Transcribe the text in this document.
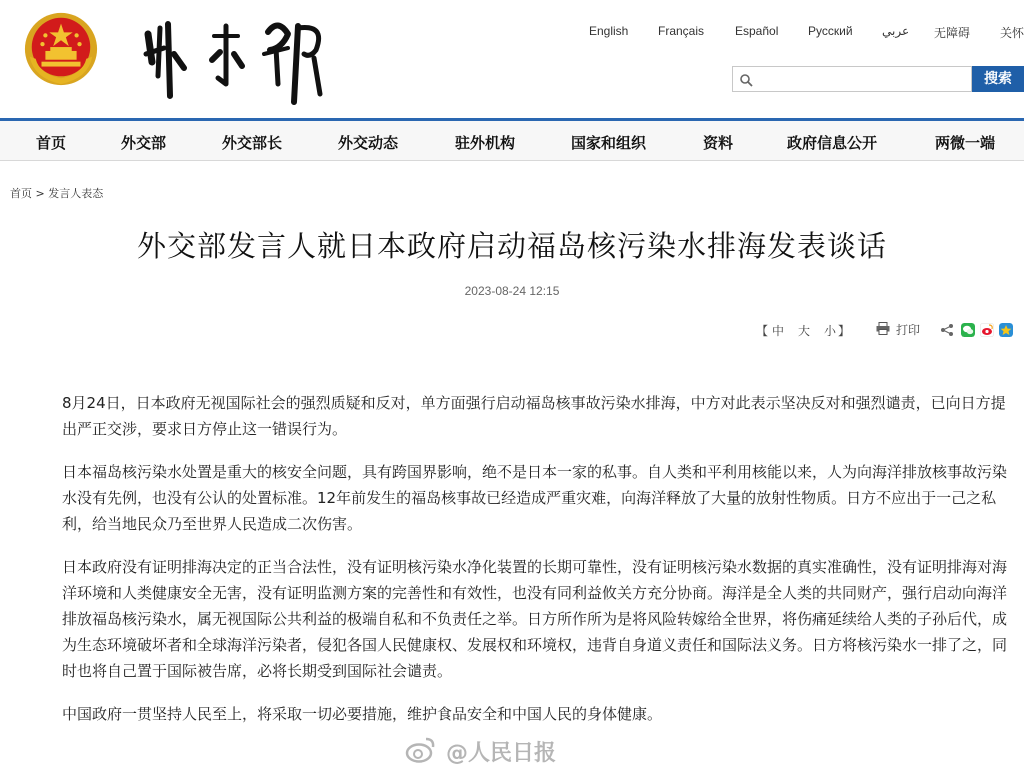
外交部
English Français	Español Русский عربي 无障碍 关怀
搜索
首页	外交部	外交部长	外交动态	驻外机构	国家和组织	资料	政府信息公开	两微一端
首页 > 发言人表态
外交部发言人就日本政府启动福岛核污染水排海发表谈话
2023-08-24 12:15
【 中 大 小 】	打印

8月24日，日本政府无视国际社会的强烈质疑和反对，单方面强行启动福岛核事故污染水排海，中方对此表示坚决反对和强烈谴责，已向日方提出严正交涉，要求日方停止这一错误行为。

日本福岛核污染水处置是重大的核安全问题，具有跨国界影响，绝不是日本一家的私事。自人类和平利用核能以来，人为向海洋排放核事故污染水没有先例，也没有公认的处置标准。12年前发生的福岛核事故已经造成严重灾难，向海洋释放了大量的放射性物质。日方不应出于一己之私利，给当地民众乃至世界人民造成二次伤害。

日本政府没有证明排海决定的正当合法性，没有证明核污染水净化装置的长期可靠性，没有证明核污染水数据的真实准确性，没有证明排海对海洋环境和人类健康安全无害，没有证明监测方案的完善性和有效性，也没有同利益攸关方充分协商。海洋是全人类的共同财产，强行启动向海洋排放福岛核污染水，属无视国际公共利益的极端自私和不负责任之举。日方所作所为是将风险转嫁给全世界，将伤痛延续给人类的子孙后代，成为生态环境破坏者和全球海洋污染者，侵犯各国人民健康权、发展权和环境权，违背自身道义责任和国际法义务。日方将核污染水一排了之，同时也将自己置于国际被告席，必将长期受到国际社会谴责。

中国政府一贯坚持人民至上，将采取一切必要措施，维护食品安全和中国人民的身体健康。

@人民日报
